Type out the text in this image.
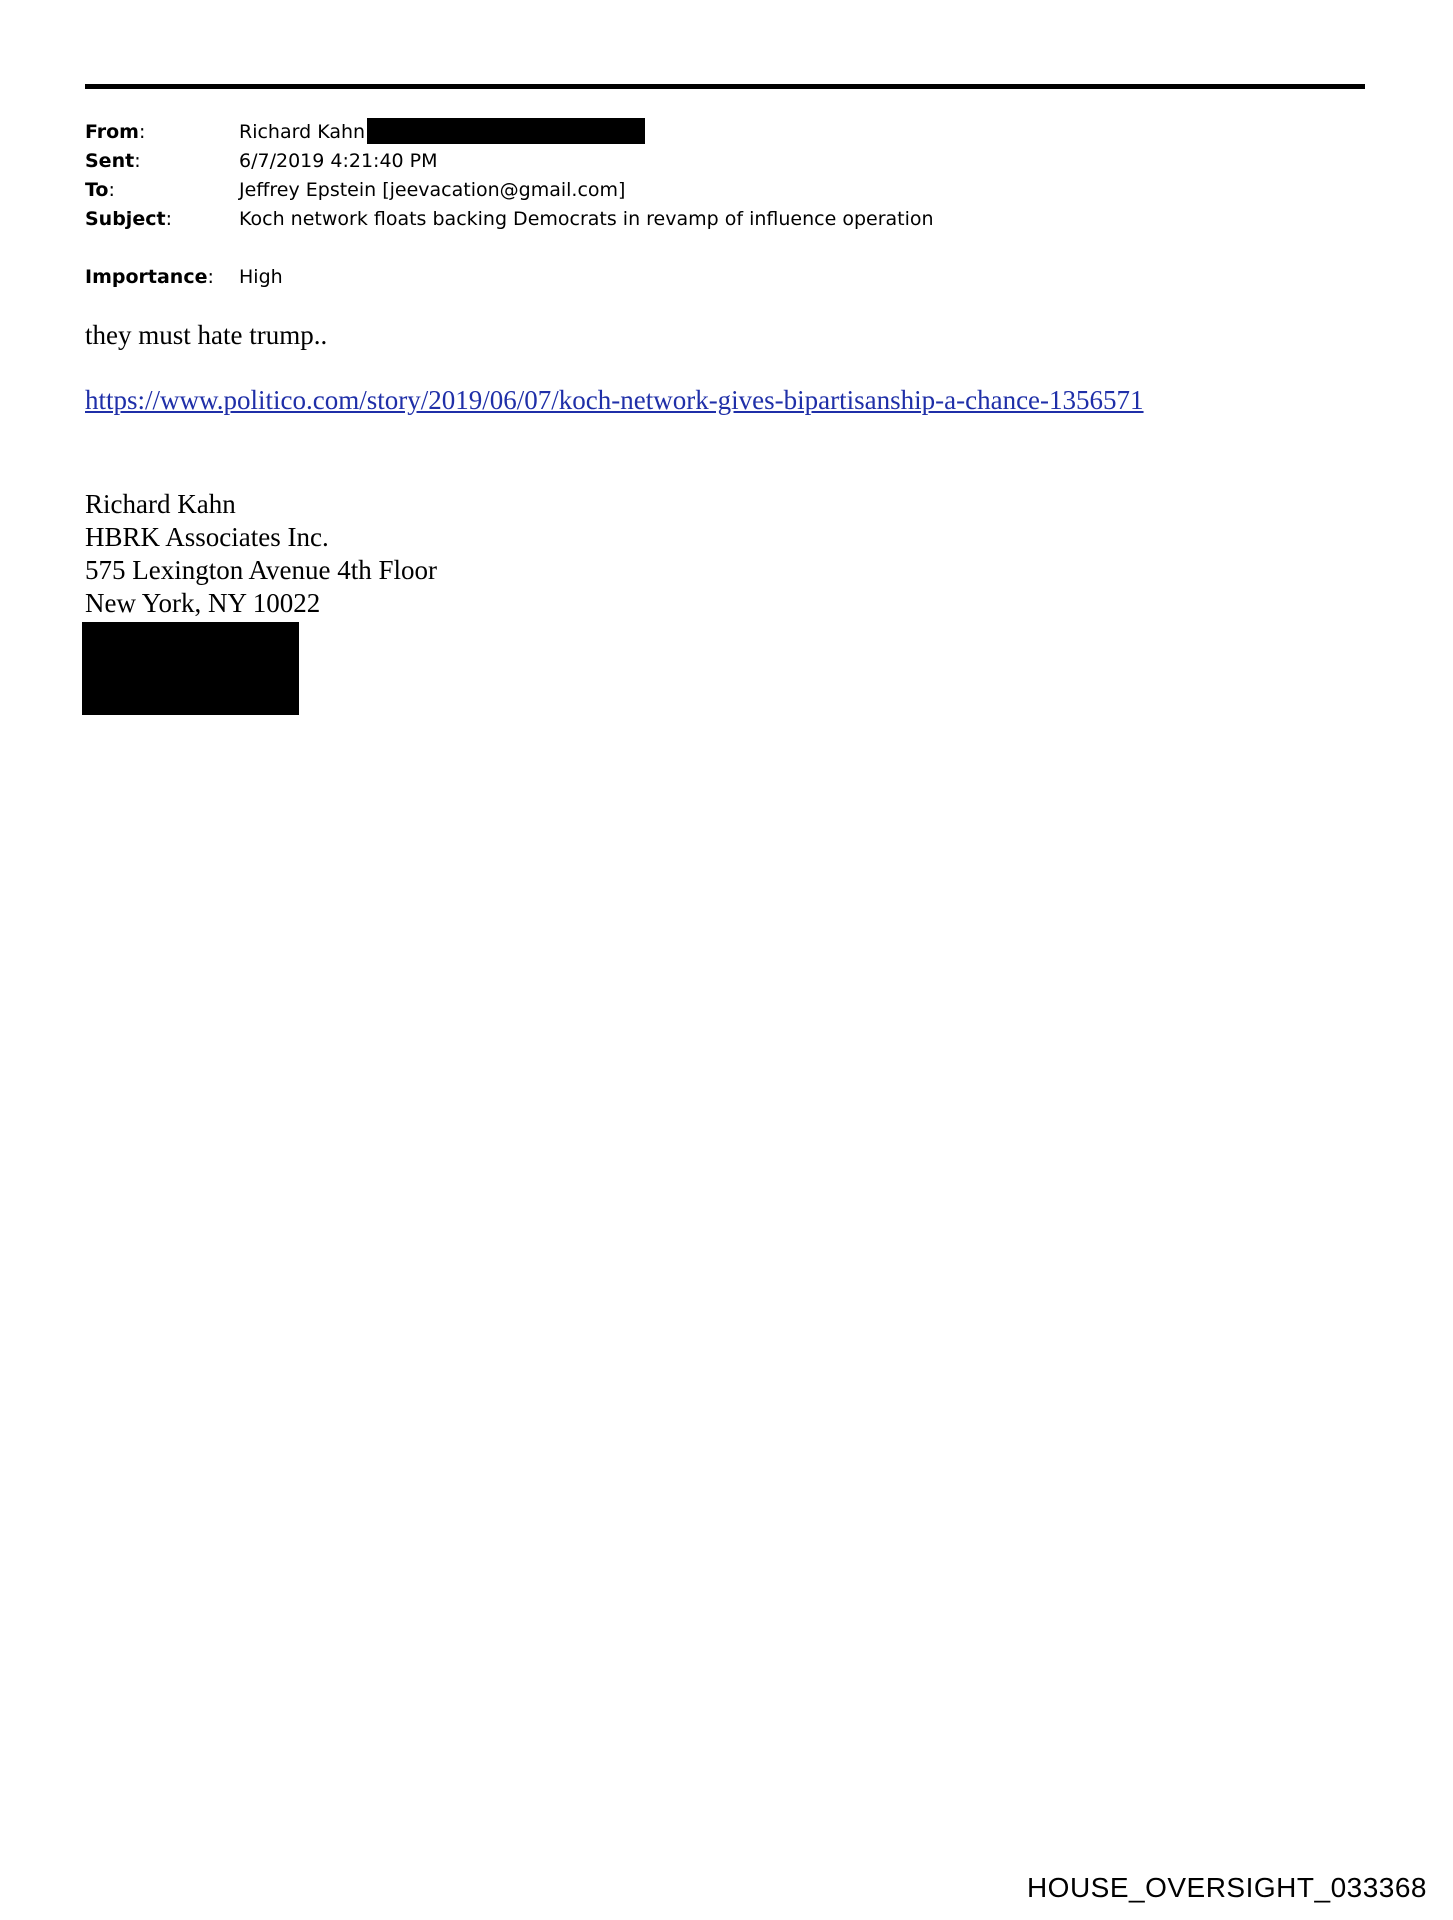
From:	Richard Kahn
Sent:	6/7/2019 4:21:40 PM
To:	Jeffrey Epstein [jeevacation@gmail.com]
Subject:	Koch network floats backing Democrats in revamp of influence operation
Importance:	High
they must hate trump..
https://www.politico.com/story/2019/06/07/koch-network-gives-bipartisanship-a-chance-1356571
Richard Kahn
HBRK Associates Inc.
575 Lexington Avenue 4th Floor
New York, NY 10022
HOUSE_OVERSIGHT_033368
